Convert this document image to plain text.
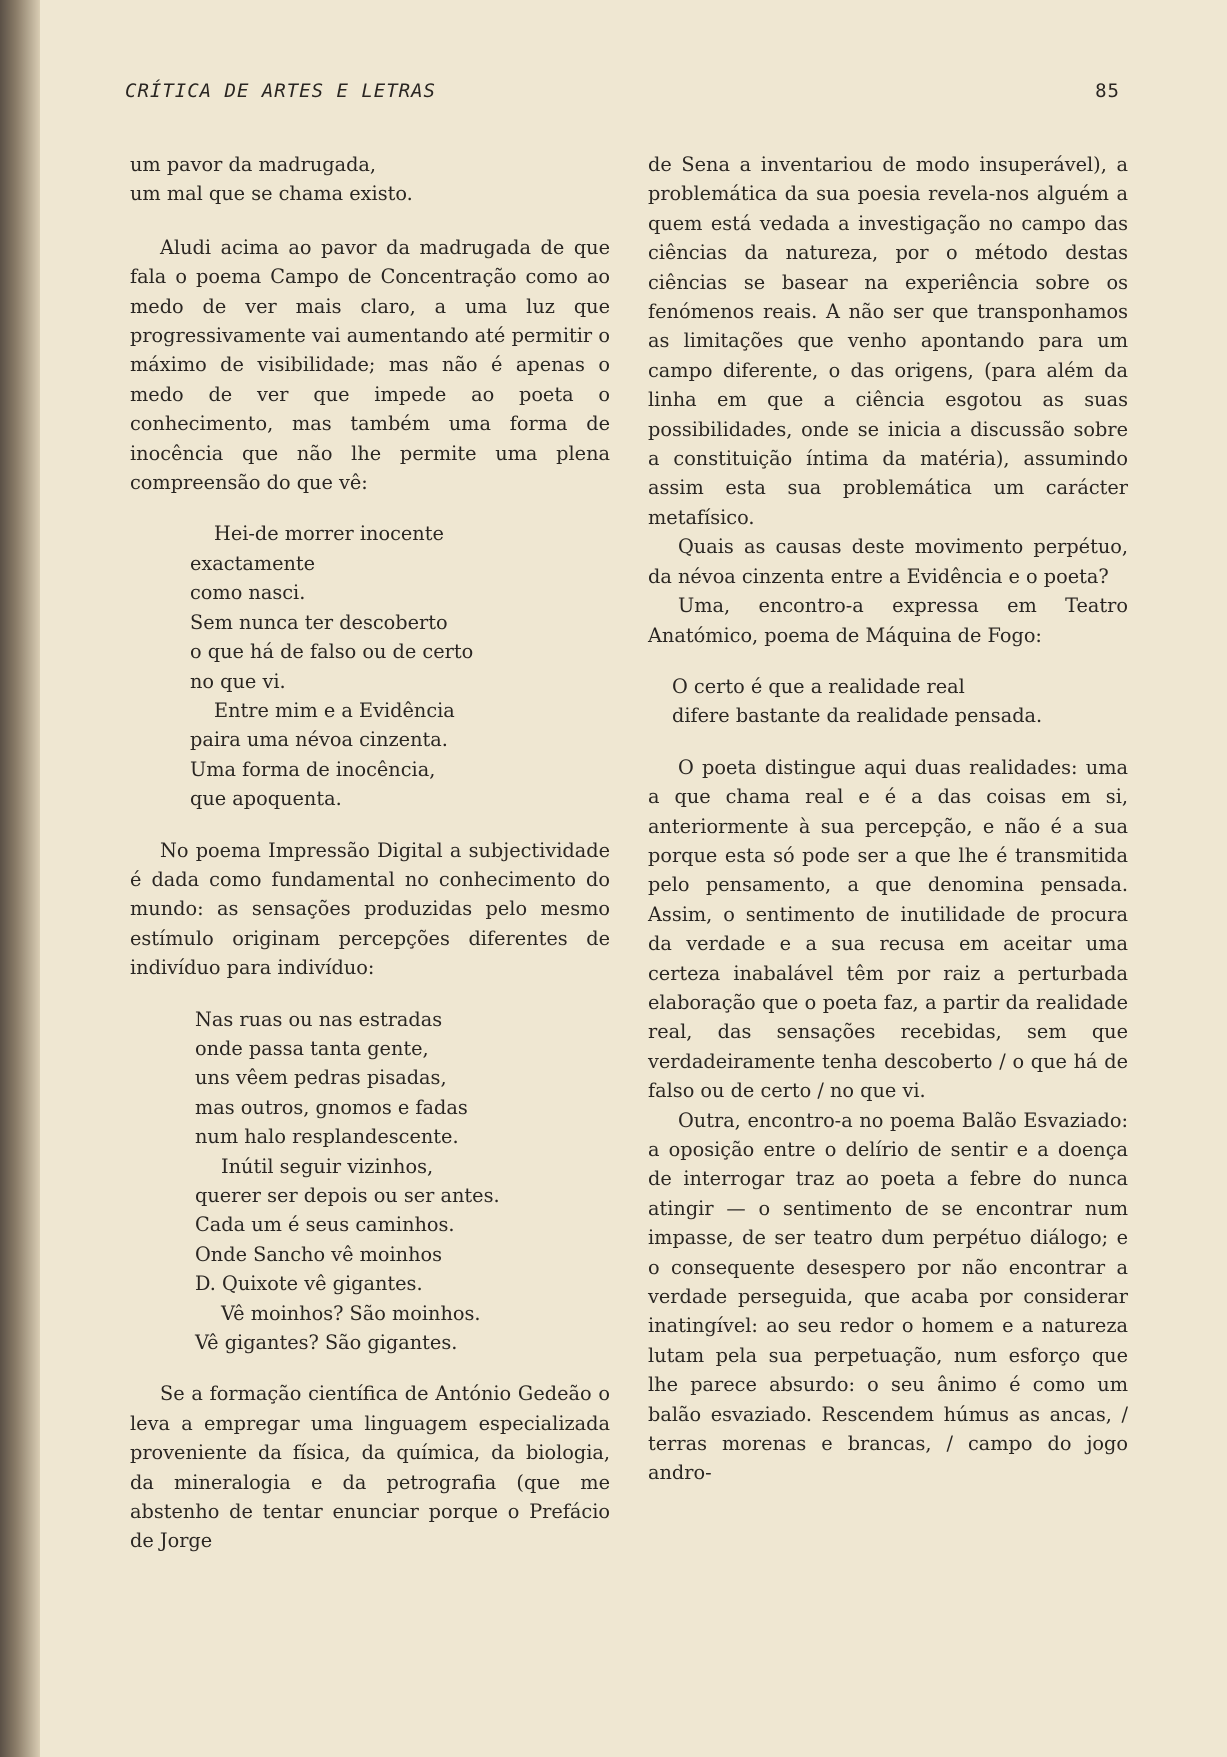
CRÍTICA DE ARTES E LETRAS	85
um pavor da madrugada,
um mal que se chama existo.

Aludi acima ao pavor da madrugada de que fala o poema Campo de Concentração como ao medo de ver mais claro, a uma luz que progressivamente vai aumentando até permitir o máximo de visibilidade; mas não é apenas o medo de ver que impede ao poeta o conhecimento, mas também uma forma de inocência que não lhe permite uma plena compreensão do que vê:

Hei-de morrer inocente
exactamente
como nasci.
Sem nunca ter descoberto
o que há de falso ou de certo
no que vi.
Entre mim e a Evidência
paira uma névoa cinzenta.
Uma forma de inocência,
que apoquenta.

No poema Impressão Digital a subjectividade é dada como fundamental no conhecimento do mundo: as sensações produzidas pelo mesmo estímulo originam percepções diferentes de indivíduo para indivíduo:

Nas ruas ou nas estradas
onde passa tanta gente,
uns vêem pedras pisadas,
mas outros, gnomos e fadas
num halo resplandescente.
Inútil seguir vizinhos,
querer ser depois ou ser antes.
Cada um é seus caminhos.
Onde Sancho vê moinhos
D. Quixote vê gigantes.
Vê moinhos? São moinhos.
Vê gigantes? São gigantes.

Se a formação científica de António Gedeão o leva a empregar uma linguagem especializada proveniente da física, da química, da biologia, da mineralogia e da petrografia (que me abstenho de tentar enunciar porque o Prefácio de Jorge

de Sena a inventariou de modo insuperável), a problemática da sua poesia revela-nos alguém a quem está vedada a investigação no campo das ciências da natureza, por o método destas ciências se basear na experiência sobre os fenómenos reais. A não ser que transponhamos as limitações que venho apontando para um campo diferente, o das origens, (para além da linha em que a ciência esgotou as suas possibilidades, onde se inicia a discussão sobre a constituição íntima da matéria), assumindo assim esta sua problemática um carácter metafísico.

Quais as causas deste movimento perpétuo, da névoa cinzenta entre a Evidência e o poeta?

Uma, encontro-a expressa em Teatro Anatómico, poema de Máquina de Fogo:

O certo é que a realidade real
difere bastante da realidade pensada.

O poeta distingue aqui duas realidades: uma a que chama real e é a das coisas em si, anteriormente à sua percepção, e não é a sua porque esta só pode ser a que lhe é transmitida pelo pensamento, a que denomina pensada. Assim, o sentimento de inutilidade de procura da verdade e a sua recusa em aceitar uma certeza inabalável têm por raiz a perturbada elaboração que o poeta faz, a partir da realidade real, das sensações recebidas, sem que verdadeiramente tenha descoberto / o que há de falso ou de certo / no que vi.

Outra, encontro-a no poema Balão Esvaziado: a oposição entre o delírio de sentir e a doença de interrogar traz ao poeta a febre do nunca atingir — o sentimento de se encontrar num impasse, de ser teatro dum perpétuo diálogo; e o consequente desespero por não encontrar a verdade perseguida, que acaba por considerar inatingível: ao seu redor o homem e a natureza lutam pela sua perpetuação, num esforço que lhe parece absurdo: o seu ânimo é como um balão esvaziado. Rescendem húmus as ancas, / terras morenas e brancas, / campo do jogo andro-
